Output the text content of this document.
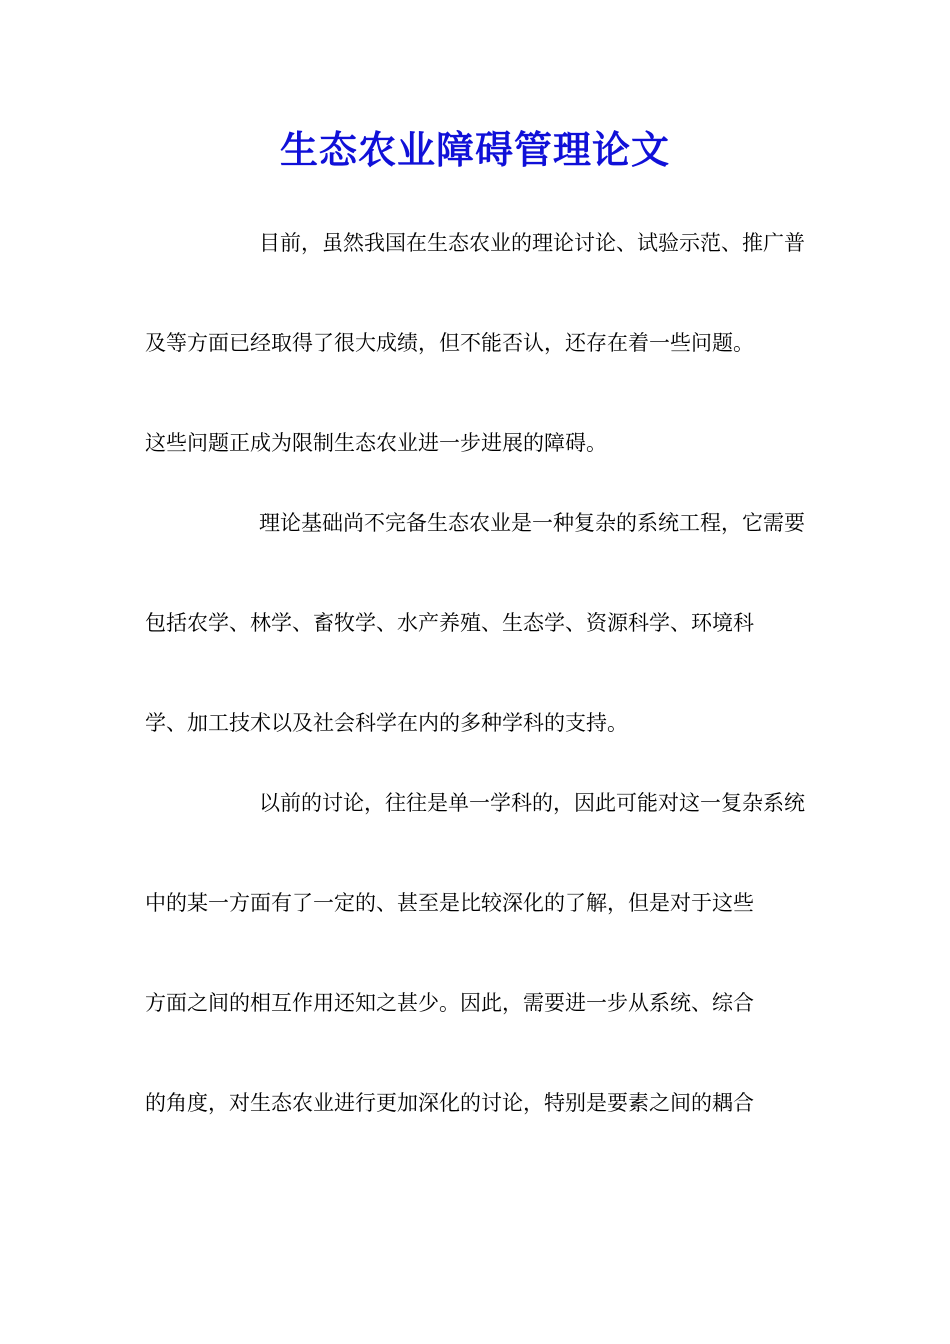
生态农业障碍管理论文
目前，虽然我国在生态农业的理论讨论、试验示范、推广普
及等方面已经取得了很大成绩，但不能否认，还存在着一些问题。
这些问题正成为限制生态农业进一步进展的障碍。
理论基础尚不完备生态农业是一种复杂的系统工程，它需要
包括农学、林学、畜牧学、水产养殖、生态学、资源科学、环境科
学、加工技术以及社会科学在内的多种学科的支持。
以前的讨论，往往是单一学科的，因此可能对这一复杂系统
中的某一方面有了一定的、甚至是比较深化的了解，但是对于这些
方面之间的相互作用还知之甚少。因此，需要进一步从系统、综合
的角度，对生态农业进行更加深化的讨论，特别是要素之间的耦合
